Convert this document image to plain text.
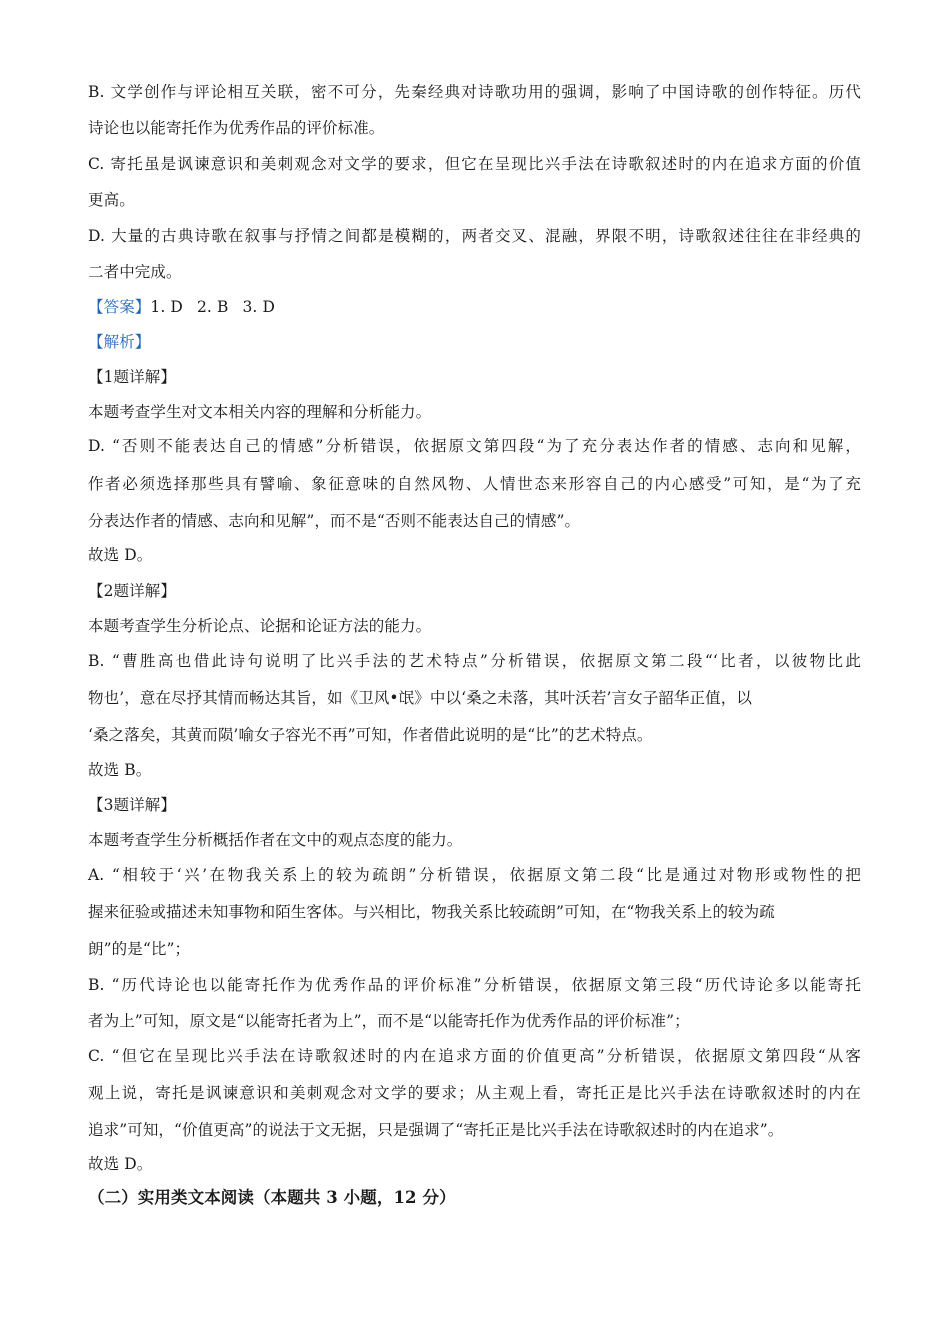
B. 文学创作与评论相互关联，密不可分，先秦经典对诗歌功用的强调，影响了中国诗歌的创作特征。历代
诗论也以能寄托作为优秀作品的评价标准。
C. 寄托虽是讽谏意识和美刺观念对文学的要求，但它在呈现比兴手法在诗歌叙述时的内在追求方面的价值
更高。
D. 大量的古典诗歌在叙事与抒情之间都是模糊的，两者交叉、混融，界限不明，诗歌叙述往往在非经典的
二者中完成。
【答案】1. D 2. B 3. D
【解析】
【1题详解】
本题考查学生对文本相关内容的理解和分析能力。
D. “否则不能表达自己的情感”分析错误，依据原文第四段“为了充分表达作者的情感、志向和见解，
作者必须选择那些具有譬喻、象征意味的自然风物、人情世态来形容自己的内心感受”可知，是“为了充
分表达作者的情感、志向和见解”，而不是“否则不能表达自己的情感”。
故选 D。
【2题详解】
本题考查学生分析论点、论据和论证方法的能力。
B. “曹胜高也借此诗句说明了比兴手法的艺术特点”分析错误，依据原文第二段“‘比者，以彼物比此
物也’，意在尽抒其情而畅达其旨，如《卫风•氓》中以‘桑之未落，其叶沃若’言女子韶华正值，以
‘桑之落矣，其黄而陨’喻女子容光不再”可知，作者借此说明的是“比”的艺术特点。
故选 B。
【3题详解】
本题考查学生分析概括作者在文中的观点态度的能力。
A. “相较于‘兴’在物我关系上的较为疏朗”分析错误，依据原文第二段“比是通过对物形或物性的把
握来征验或描述未知事物和陌生客体。与兴相比，物我关系比较疏朗”可知，在“物我关系上的较为疏
朗”的是“比”；
B. “历代诗论也以能寄托作为优秀作品的评价标准”分析错误，依据原文第三段“历代诗论多以能寄托
者为上”可知，原文是“以能寄托者为上”，而不是“以能寄托作为优秀作品的评价标准”；
C. “但它在呈现比兴手法在诗歌叙述时的内在追求方面的价值更高”分析错误，依据原文第四段“从客
观上说，寄托是讽谏意识和美刺观念对文学的要求；从主观上看，寄托正是比兴手法在诗歌叙述时的内在
追求”可知，“价值更高”的说法于文无据，只是强调了“寄托正是比兴手法在诗歌叙述时的内在追求”。
故选 D。
（二）实用类文本阅读（本题共 3 小题，12 分）
